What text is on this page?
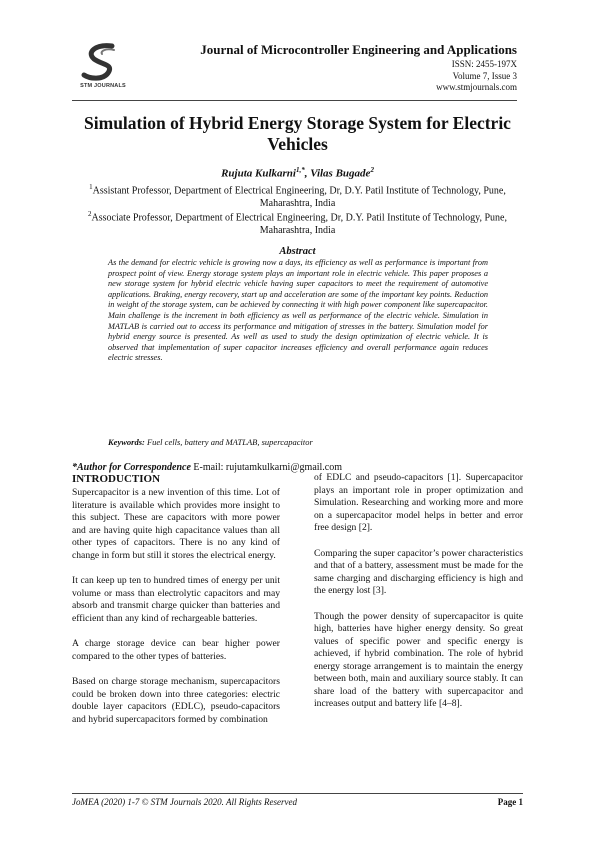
STM JOURNALS
Journal of Microcontroller Engineering and Applications
ISSN: 2455-197X
Volume 7, Issue 3
www.stmjournals.com
Simulation of Hybrid Energy Storage System for Electric Vehicles
Rujuta Kulkarni$^{1,*}$, Vilas Bugade$^2$
$^1$Assistant Professor, Department of Electrical Engineering, Dr, D.Y. Patil Institute of Technology, Pune, Maharashtra, India
$^2$Associate Professor, Department of Electrical Engineering, Dr, D.Y. Patil Institute of Technology, Pune, Maharashtra, India
Abstract
As the demand for electric vehicle is growing now a days, its efficiency as well as performance is important from prospect point of view. Energy storage system plays an important role in electric vehicle. This paper proposes a new storage system for hybrid electric vehicle having super capacitors to meet the requirement of automotive applications. Braking, energy recovery, start up and acceleration are some of the important key points. Reduction in weight of the storage system, can be achieved by connecting it with high power component like supercapacitor. Main challenge is the increment in both efficiency as well as performance of the electric vehicle. Simulation in MATLAB is carried out to access its performance and mitigation of stresses in the battery. Simulation model for hybrid energy source is presented. As well as used to study the design optimization of electric vehicle. It is observed that implementation of super capacitor increases efficiency and overall performance again reduces electric stresses.
Keywords: Fuel cells, battery and MATLAB, supercapacitor
*Author for Correspondence E-mail: rujutamkulkarni@gmail.com
INTRODUCTION

Supercapacitor is a new invention of this time. Lot of literature is available which provides more insight to this subject. These are capacitors with more power and are having quite high capacitance values than all other types of capacitors. There is no any kind of change in form but still it stores the electrical energy.

It can keep up ten to hundred times of energy per unit volume or mass than electrolytic capacitors and may absorb and transmit charge quicker than batteries and efficient than any kind of rechargeable batteries.

A charge storage device can bear higher power compared to the other types of batteries.

Based on charge storage mechanism, supercapacitors could be broken down into three categories: electric double layer capacitors (EDLC), pseudo-capacitors and hybrid supercapacitors formed by combination

of EDLC and pseudo-capacitors [1]. Supercapacitor plays an important role in proper optimization and Simulation. Researching and working more and more on a supercapacitor model helps in better and error free design [2].

Comparing the super capacitor’s power characteristics and that of a battery, assessment must be made for the same charging and discharging efficiency is high and the energy lost [3].

Though the power density of supercapacitor is quite high, batteries have higher energy density. So great values of specific power and specific energy is achieved, if hybrid combination. The role of hybrid energy storage arrangement is to maintain the energy between both, main and auxiliary source stably. It can share load of the battery with supercapacitor and increases output and battery life [4–8].

JoMEA (2020) 1-7 © STM Journals 2020. All Rights Reserved	Page 1
